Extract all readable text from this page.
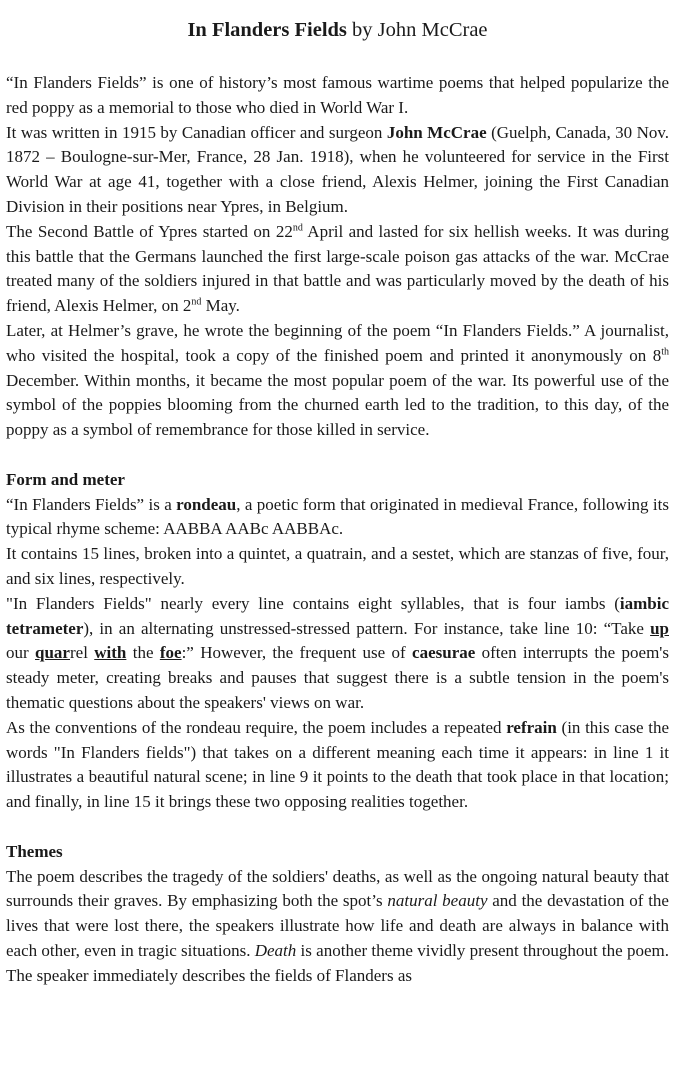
In Flanders Fields by John McCrae

“In Flanders Fields” is one of history’s most famous wartime poems that helped popularize the red poppy as a memorial to those who died in World War I.

It was written in 1915 by Canadian officer and surgeon John McCrae (Guelph, Canada, 30 Nov. 1872 – Boulogne-sur-Mer, France, 28 Jan. 1918), when he volunteered for service in the First World War at age 41, together with a close friend, Alexis Helmer, joining the First Canadian Division in their positions near Ypres, in Belgium.

The Second Battle of Ypres started on 22nd April and lasted for six hellish weeks. It was during this battle that the Germans launched the first large-scale poison gas attacks of the war. McCrae treated many of the soldiers injured in that battle and was particularly moved by the death of his friend, Alexis Helmer, on 2nd May.

Later, at Helmer’s grave, he wrote the beginning of the poem “In Flanders Fields.” A journalist, who visited the hospital, took a copy of the finished poem and printed it anonymously on 8th December. Within months, it became the most popular poem of the war. Its powerful use of the symbol of the poppies blooming from the churned earth led to the tradition, to this day, of the poppy as a symbol of remembrance for those killed in service.

Form and meter

“In Flanders Fields” is a rondeau, a poetic form that originated in medieval France, following its typical rhyme scheme: AABBA AABc AABBAc.

It contains 15 lines, broken into a quintet, a quatrain, and a sestet, which are stanzas of five, four, and six lines, respectively.

"In Flanders Fields" nearly every line contains eight syllables, that is four iambs (iambic tetrameter), in an alternating unstressed-stressed pattern. For instance, take line 10: “Take up our quarrel with the foe:” However, the frequent use of caesurae often interrupts the poem's steady meter, creating breaks and pauses that suggest there is a subtle tension in the poem's thematic questions about the speakers' views on war.

As the conventions of the rondeau require, the poem includes a repeated refrain (in this case the words "In Flanders fields") that takes on a different meaning each time it appears: in line 1 it illustrates a beautiful natural scene; in line 9 it points to the death that took place in that location; and finally, in line 15 it brings these two opposing realities together.

Themes

The poem describes the tragedy of the soldiers' deaths, as well as the ongoing natural beauty that surrounds their graves. By emphasizing both the spot’s natural beauty and the devastation of the lives that were lost there, the speakers illustrate how life and death are always in balance with each other, even in tragic situations. Death is another theme vividly present throughout the poem. The speaker immediately describes the fields of Flanders as
